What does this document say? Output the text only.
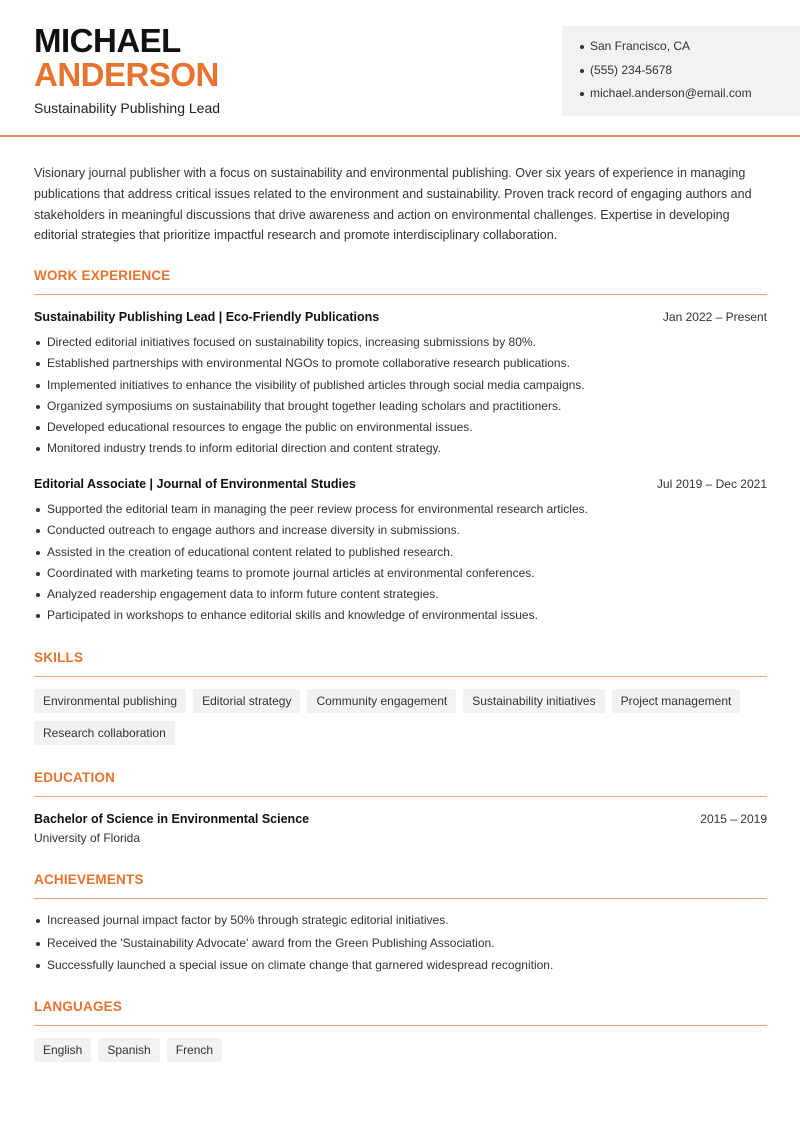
MICHAEL
ANDERSON
Sustainability Publishing Lead
San Francisco, CA
(555) 234-5678
michael.anderson@email.com

Visionary journal publisher with a focus on sustainability and environmental publishing. Over six years of experience in managing publications that address critical issues related to the environment and sustainability. Proven track record of engaging authors and stakeholders in meaningful discussions that drive awareness and action on environmental challenges. Expertise in developing editorial strategies that prioritize impactful research and promote interdisciplinary collaboration.

WORK EXPERIENCE
Sustainability Publishing Lead | Eco-Friendly Publications	Jan 2022 – Present
Directed editorial initiatives focused on sustainability topics, increasing submissions by 80%.
Established partnerships with environmental NGOs to promote collaborative research publications.
Implemented initiatives to enhance the visibility of published articles through social media campaigns.
Organized symposiums on sustainability that brought together leading scholars and practitioners.
Developed educational resources to engage the public on environmental issues.
Monitored industry trends to inform editorial direction and content strategy.
Editorial Associate | Journal of Environmental Studies	Jul 2019 – Dec 2021
Supported the editorial team in managing the peer review process for environmental research articles.
Conducted outreach to engage authors and increase diversity in submissions.
Assisted in the creation of educational content related to published research.
Coordinated with marketing teams to promote journal articles at environmental conferences.
Analyzed readership engagement data to inform future content strategies.
Participated in workshops to enhance editorial skills and knowledge of environmental issues.
SKILLS
Environmental publishing	Editorial strategy	Community engagement	Sustainability initiatives	Project management
Research collaboration
EDUCATION
Bachelor of Science in Environmental Science	2015 – 2019
University of Florida
ACHIEVEMENTS
Increased journal impact factor by 50% through strategic editorial initiatives.
Received the 'Sustainability Advocate' award from the Green Publishing Association.
Successfully launched a special issue on climate change that garnered widespread recognition.
LANGUAGES
English	Spanish	French
